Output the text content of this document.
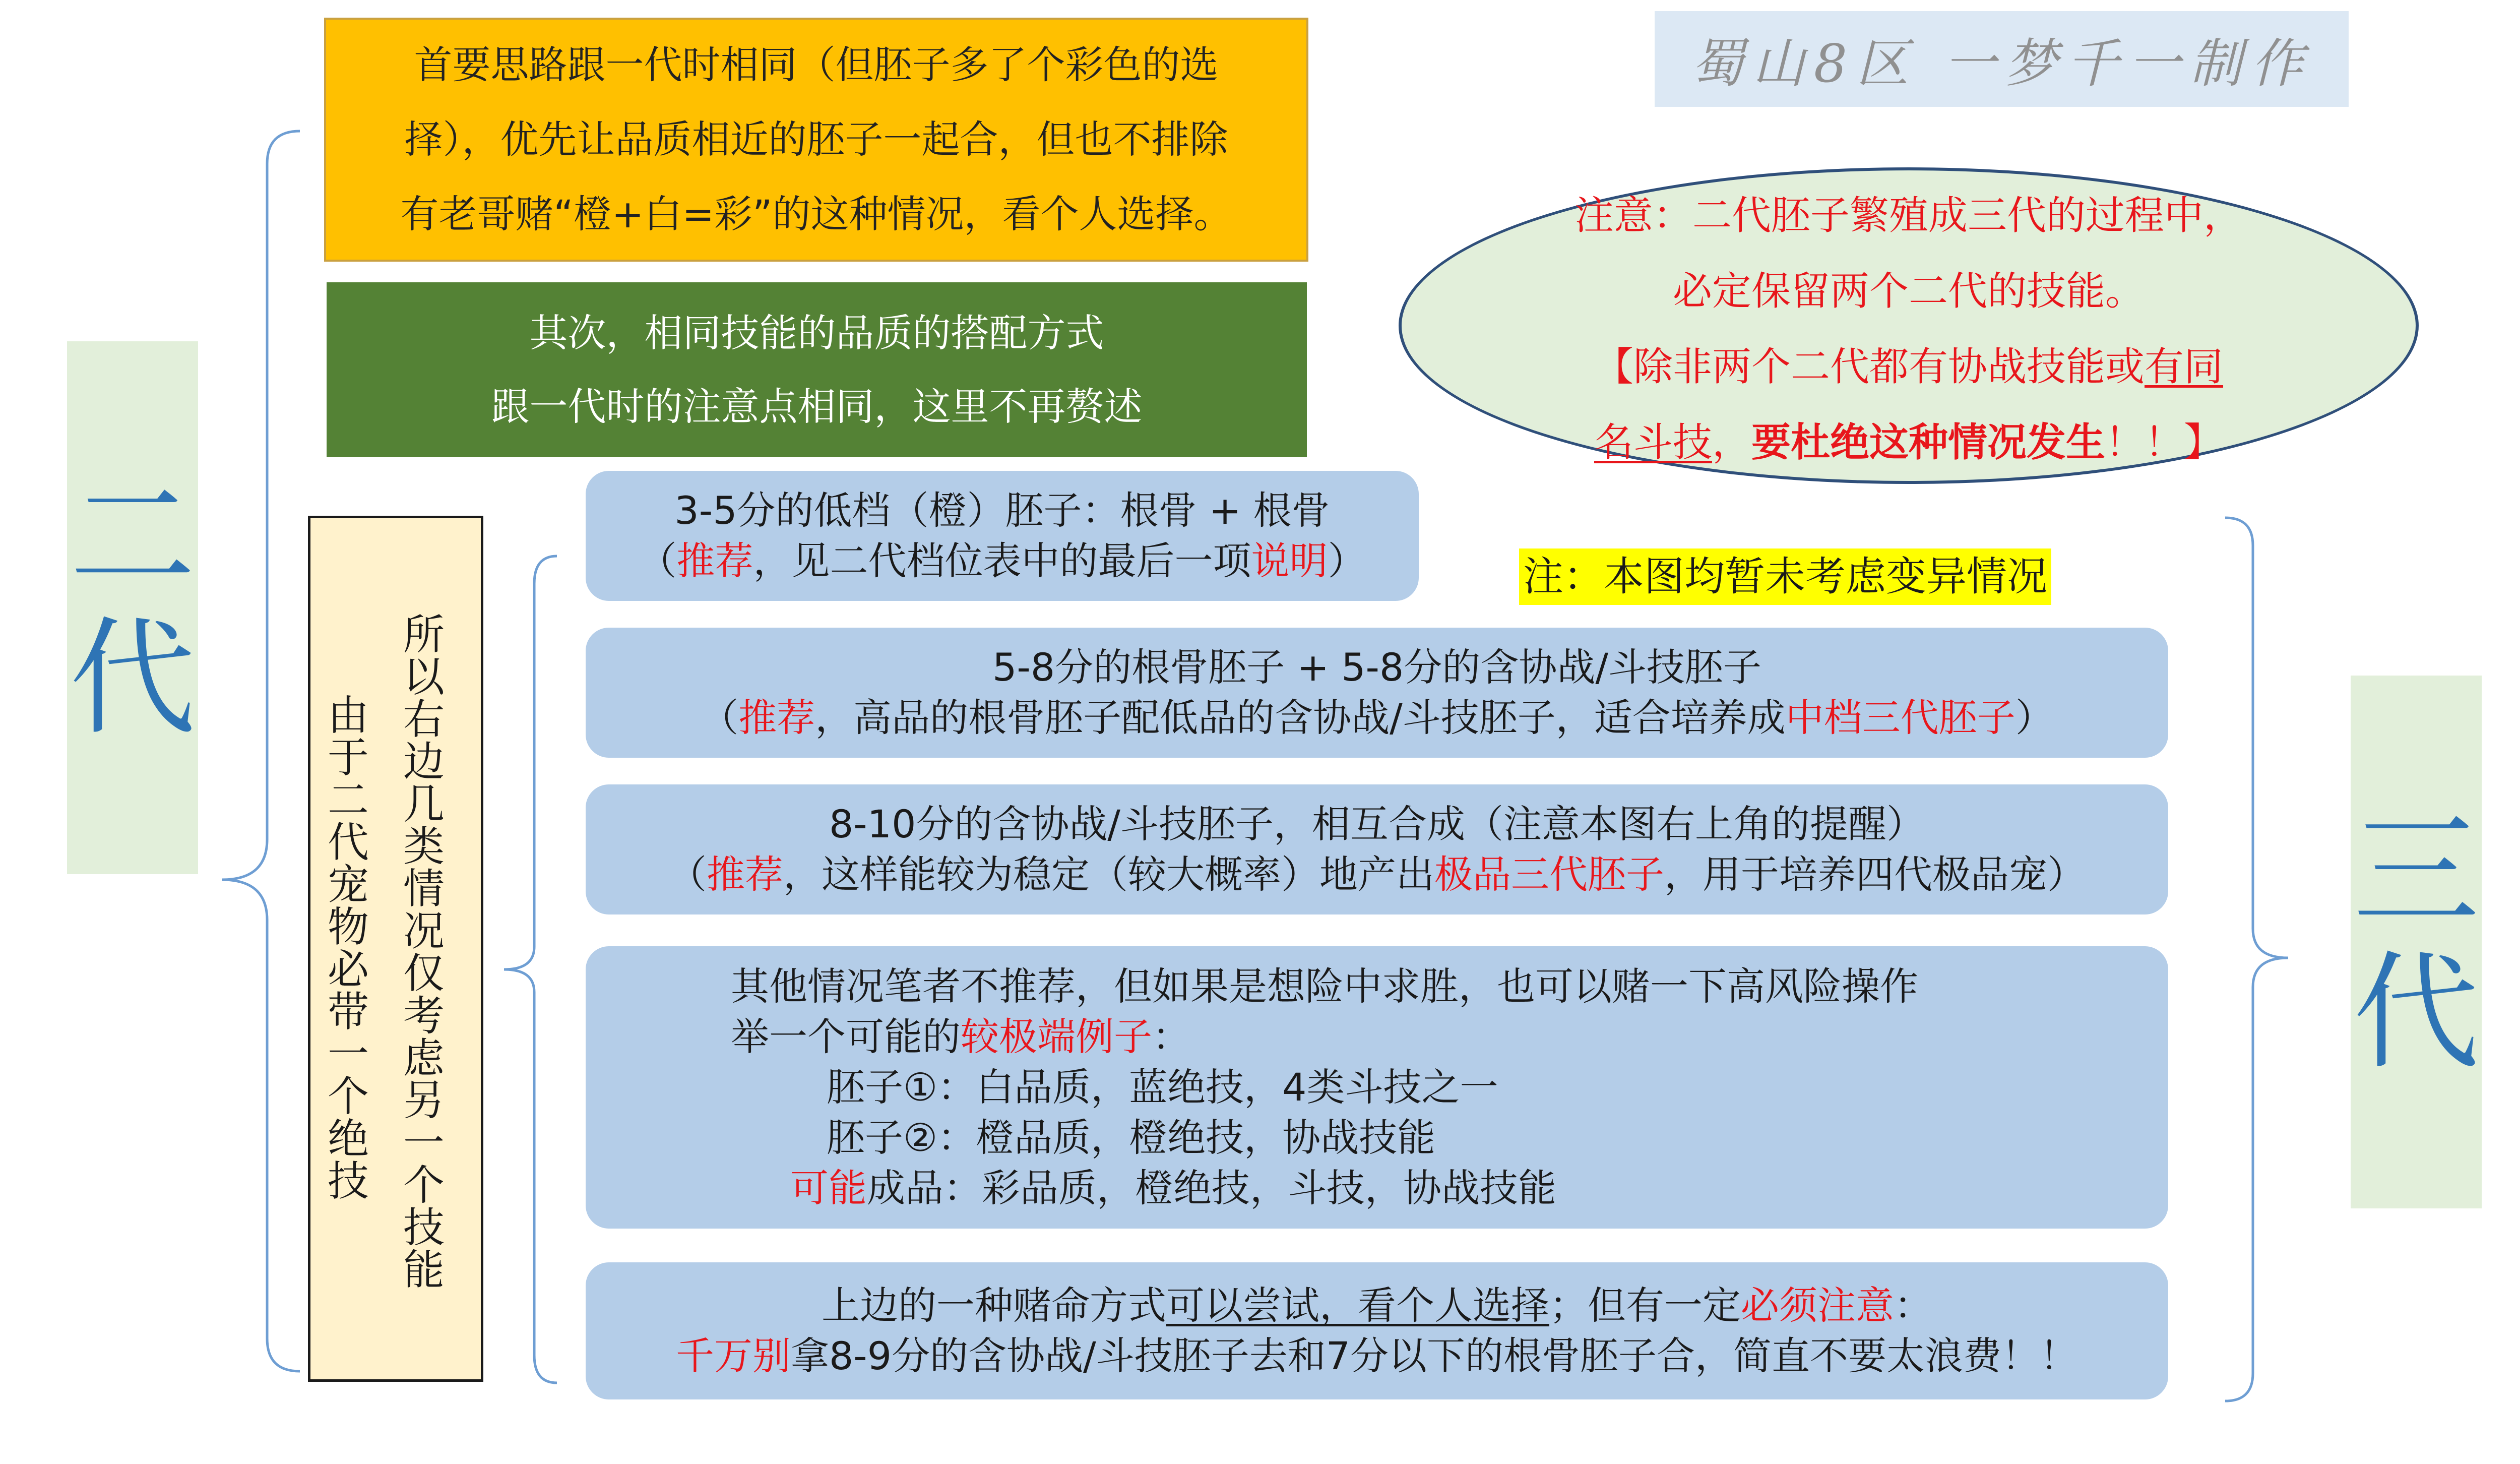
首要思路跟一代时相同（但胚子多了个彩色的选
择），优先让品质相近的胚子一起合，但也不排除
有老哥赌“橙+白=彩”的这种情况，看个人选择。
其次，相同技能的品质的搭配方式
跟一代时的注意点相同，这里不再赘述
蜀山8区 一梦千一制作
注意：二代胚子繁殖成三代的过程中，
必定保留两个二代的技能。
【除非两个二代都有协战技能或有同
名斗技，要杜绝这种情况发生！！】
二
代
三
代
所
以
右
边
几
类
情
况
仅
考
虑
另
一
个
技
能
由
于
二
代
宠
物
必
带
一
个
绝
技
注：本图均暂未考虑变异情况
3-5分的低档（橙）胚子：根骨 + 根骨
（推荐，见二代档位表中的最后一项说明）
5-8分的根骨胚子 + 5-8分的含协战/斗技胚子
（推荐，高品的根骨胚子配低品的含协战/斗技胚子，适合培养成中档三代胚子）
8-10分的含协战/斗技胚子，相互合成（注意本图右上角的提醒）
（推荐，这样能较为稳定（较大概率）地产出极品三代胚子，用于培养四代极品宠）
其他情况笔者不推荐，但如果是想险中求胜，也可以赌一下高风险操作
举一个可能的较极端例子：
胚子①：白品质，蓝绝技，4类斗技之一
胚子②：橙品质，橙绝技，协战技能
可能成品：彩品质，橙绝技，斗技，协战技能
上边的一种赌命方式可以尝试，看个人选择；但有一定必须注意：
千万别拿8-9分的含协战/斗技胚子去和7分以下的根骨胚子合，简直不要太浪费！！
